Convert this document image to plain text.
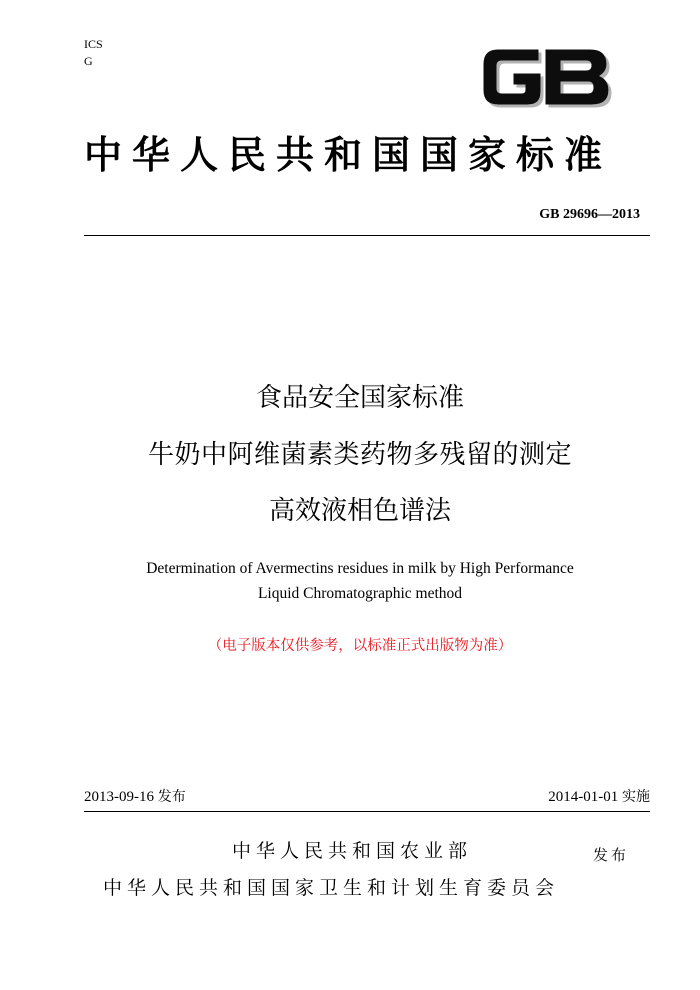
ICS
G
中华人民共和国国家标准
GB 29696—2013
食品安全国家标准
牛奶中阿维菌素类药物多残留的测定
高效液相色谱法
Determination of Avermectins residues in milk by High Performance
Liquid Chromatographic method
（电子版本仅供参考，以标准正式出版物为准）
2013-09-16 发布	2014-01-01 实施
中华人民共和国农业部	发布
中华人民共和国国家卫生和计划生育委员会
